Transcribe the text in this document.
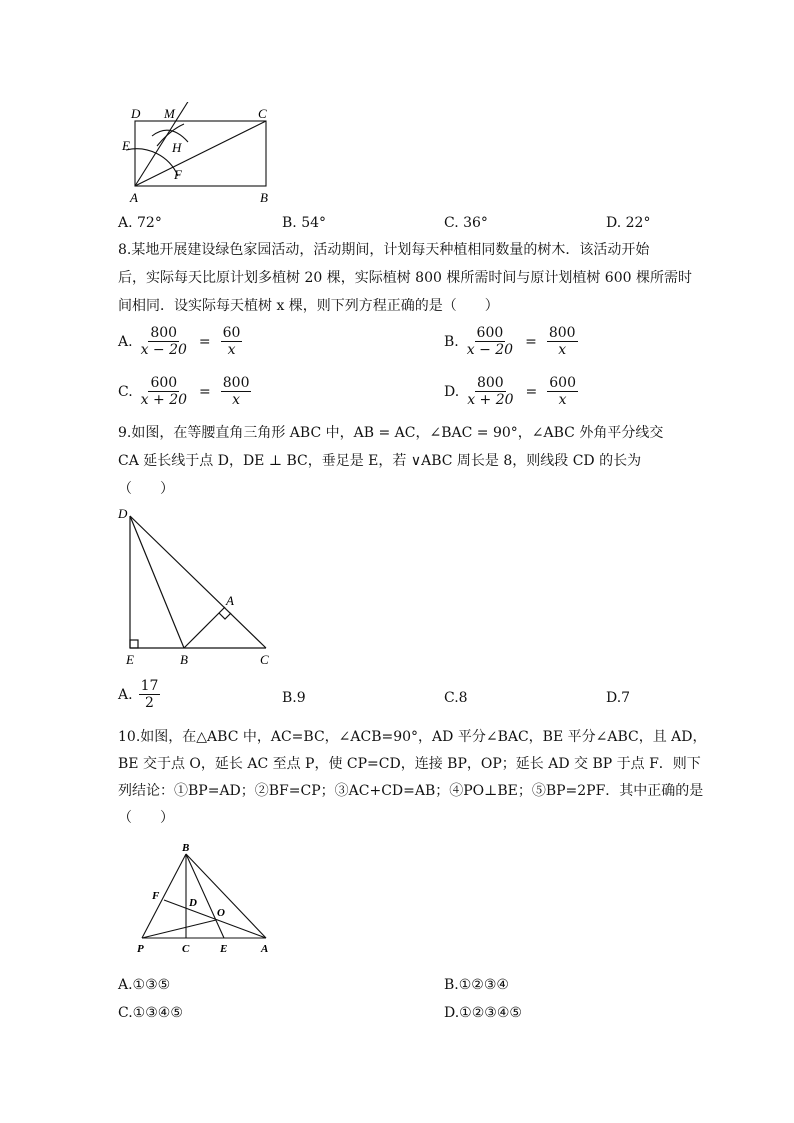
D M	C
E	H
F
A	B
A. 72°	B. 54°	C. 36°	D. 22°
8.某地开展建设绿色家园活动，活动期间，计划每天种植相同数量的树木．该活动开始
后，实际每天比原计划多植树 20 棵，实际植树 800 棵所需时间与原计划植树 600 棵所需时
间相同．设实际每天植树 x 棵，则下列方程正确的是（　　）
A. $\frac{800}{x - 20} = \frac{60}{x}$	B. $\frac{600}{x - 20} = \frac{800}{x}$
C. $\frac{600}{x + 20} = \frac{800}{x}$	D. $\frac{800}{x + 20} = \frac{600}{x}$
9.如图，在等腰直角三角形 ABC 中，AB = AC，∠BAC = 90°，∠ABC 外角平分线交
CA 延长线于点 D，DE ⊥ BC，垂足是 E，若 ∨ABC 周长是 8，则线段 CD 的长为
（　　）
D
A
E	B	C
A. $\frac{17}{2}$	B.9	C.8	D.7
10.如图，在△ABC 中，AC=BC，∠ACB=90°，AD 平分∠BAC，BE 平分∠ABC，且 AD，
BE 交于点 O，延长 AC 至点 P，使 CP=CD，连接 BP，OP；延长 AD 交 BP 于点 F．则下
列结论：①BP=AD；②BF=CP；③AC+CD=AB；④PO⊥BE；⑤BP=2PF．其中正确的是
（　　）
B
F
D
O
P	C	E	A
A.①③⑤	B.①②③④
C.①③④⑤	D.①②③④⑤
